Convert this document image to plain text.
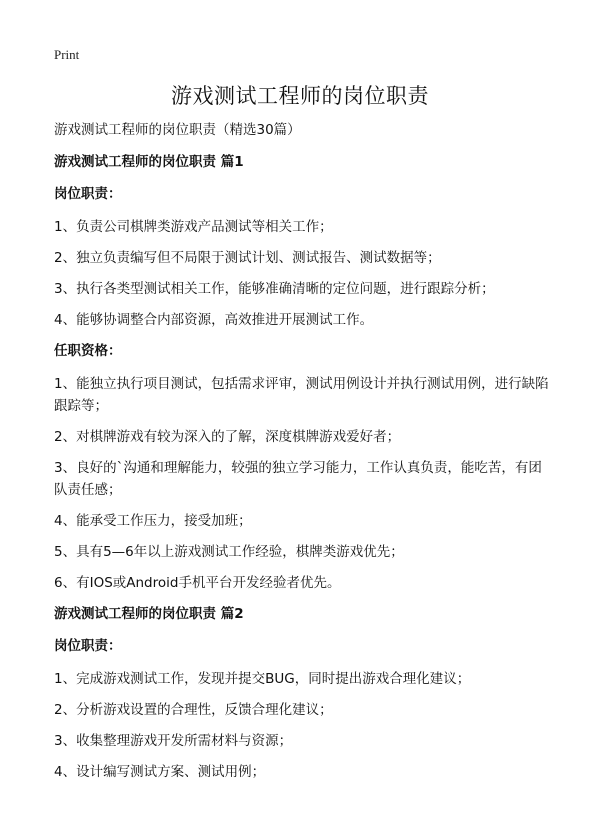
Print
游戏测试工程师的岗位职责

游戏测试工程师的岗位职责（精选30篇）

游戏测试工程师的岗位职责 篇1

岗位职责：

1、负责公司棋牌类游戏产品测试等相关工作；

2、独立负责编写但不局限于测试计划、测试报告、测试数据等；

3、执行各类型测试相关工作，能够准确清晰的定位问题，进行跟踪分析；

4、能够协调整合内部资源，高效推进开展测试工作。

任职资格：

1、能独立执行项目测试，包括需求评审，测试用例设计并执行测试用例，进行缺陷跟踪等；

2、对棋牌游戏有较为深入的了解，深度棋牌游戏爱好者；

3、良好的`沟通和理解能力，较强的独立学习能力，工作认真负责，能吃苦，有团队责任感；

4、能承受工作压力，接受加班；

5、具有5—6年以上游戏测试工作经验，棋牌类游戏优先；

6、有IOS或Android手机平台开发经验者优先。

游戏测试工程师的岗位职责 篇2

岗位职责：

1、完成游戏测试工作，发现并提交BUG，同时提出游戏合理化建议；

2、分析游戏设置的合理性，反馈合理化建议；

3、收集整理游戏开发所需材料与资源；

4、设计编写测试方案、测试用例；
